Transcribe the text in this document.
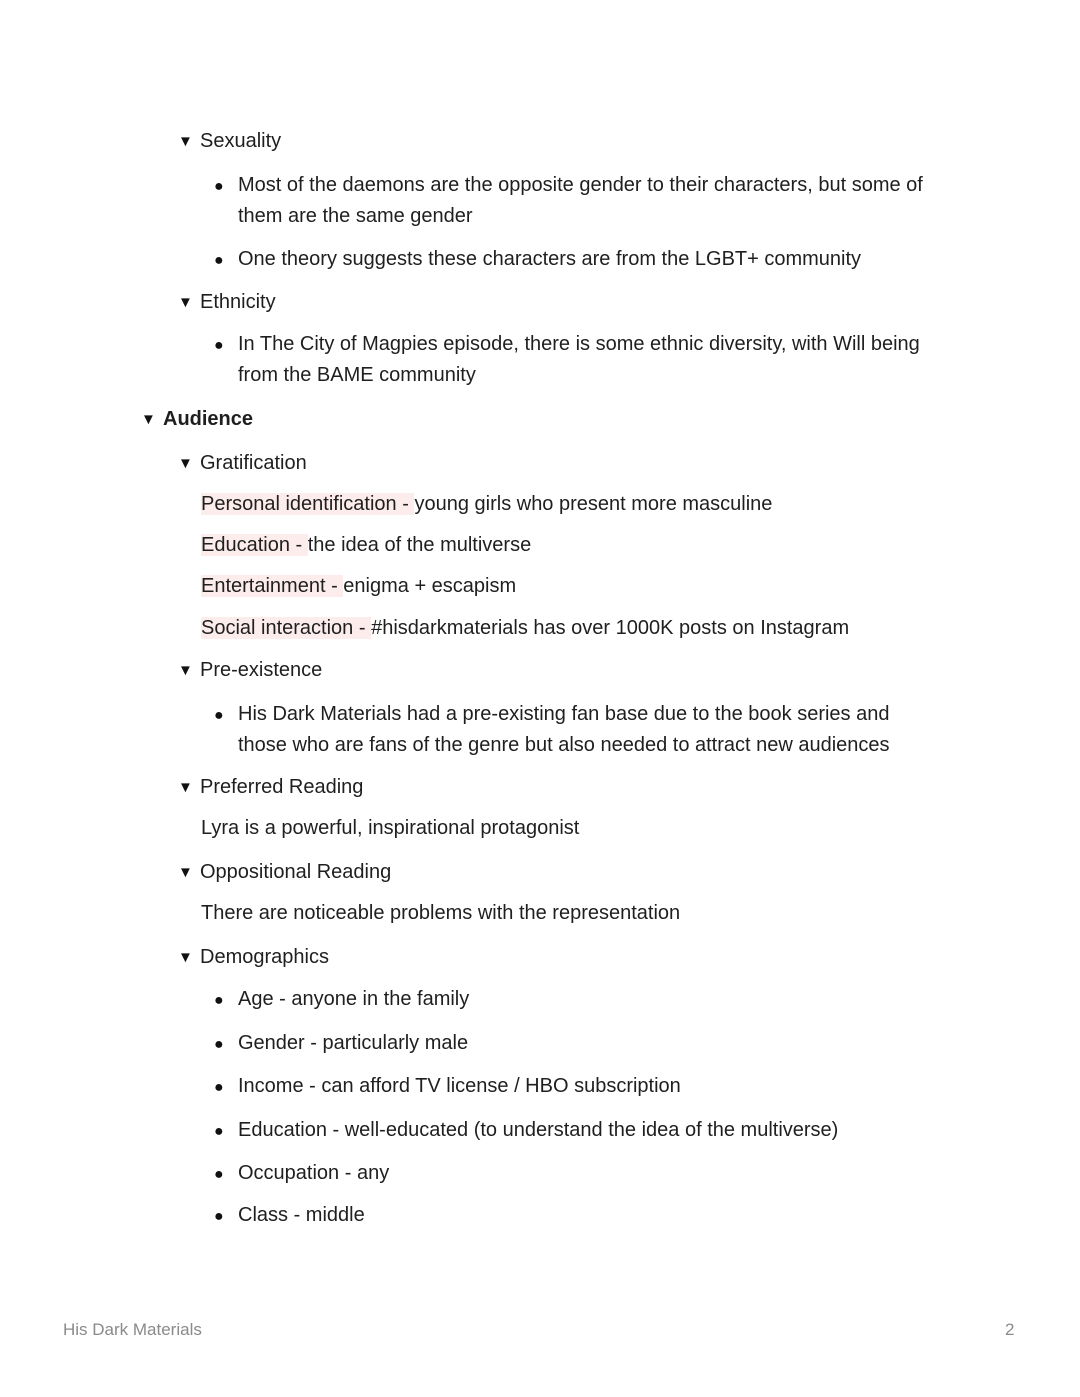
▼ Sexuality
● Most of the daemons are the opposite gender to their characters, but some of
them are the same gender
● One theory suggests these characters are from the LGBT+ community
▼ Ethnicity
● In The City of Magpies episode, there is some ethnic diversity, with Will being
from the BAME community
▼ Audience
▼ Gratification
Personal identification - young girls who present more masculine
Education - the idea of the multiverse
Entertainment - enigma + escapism
Social interaction - #hisdarkmaterials has over 1000K posts on Instagram
▼ Pre-existence
● His Dark Materials had a pre-existing fan base due to the book series and
those who are fans of the genre but also needed to attract new audiences
▼ Preferred Reading
Lyra is a powerful, inspirational protagonist
▼ Oppositional Reading
There are noticeable problems with the representation
▼ Demographics
● Age - anyone in the family
● Gender - particularly male
● Income - can afford TV license / HBO subscription
● Education - well-educated (to understand the idea of the multiverse)
● Occupation - any
● Class - middle
His Dark Materials	2
